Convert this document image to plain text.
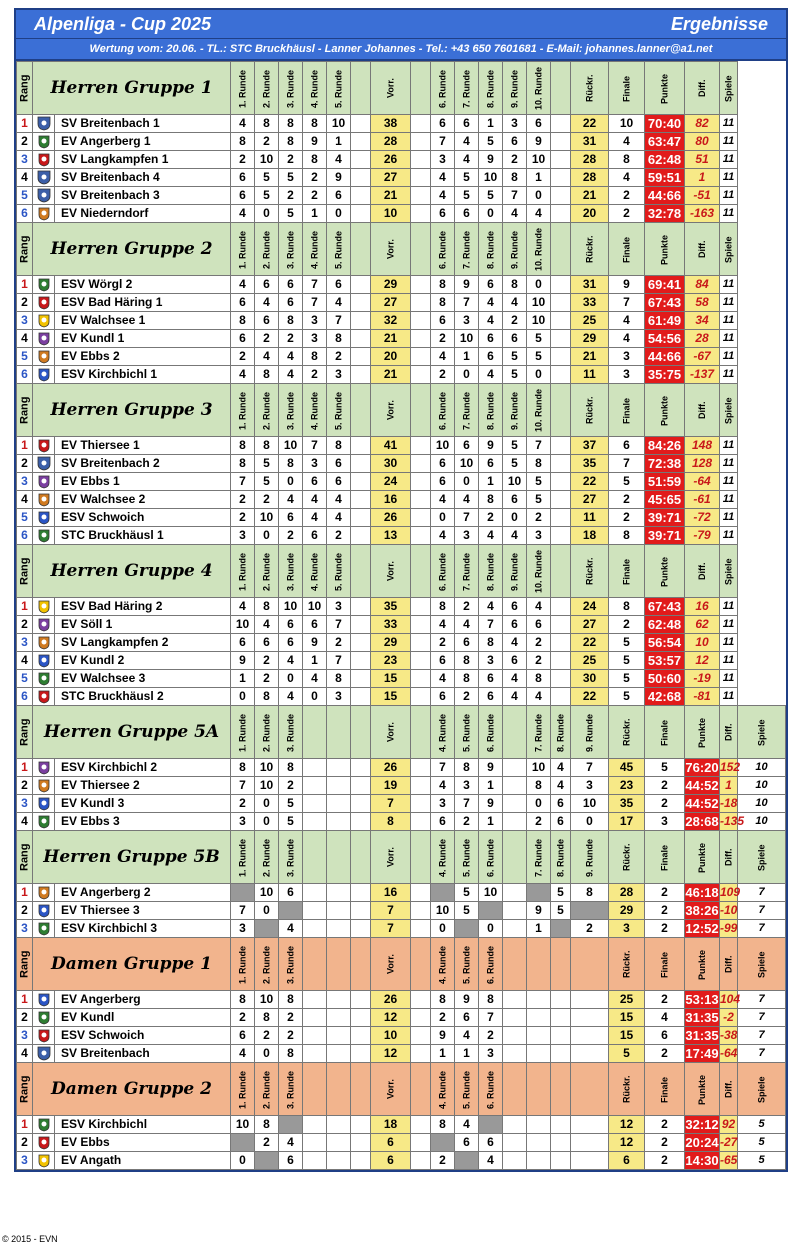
Alpenliga - Cup 2025	Ergebnisse
Wertung vom: 20.06. - TL.: STC Bruckhäusl - Lanner Johannes - Tel.: +43 650 7601681 - E-Mail: johannes.lanner@a1.net
Rang	Herren Gruppe 1		1. Runde	2. Runde	3. Runde	4. Runde	5. Runde		Vorr.		6. Runde	7. Runde	8. Runde	9. Runde	10. Runde		Rückr.	Finale	Punkte	Diff.	Spiele	
1		SV Breitenbach 1	4	8	8	8	10		38		6	6	1	3	6		22	10	70:40	82	11	
2		EV Angerberg 1	8	2	8	9	1		28		7	4	5	6	9		31	4	63:47	80	11	
3		SV Langkampfen 1	2	10	2	8	4		26		3	4	9	2	10		28	8	62:48	51	11	
4		SV Breitenbach 4	6	5	5	2	9		27		4	5	10	8	1		28	4	59:51	1	11	
5		SV Breitenbach 3	6	5	2	2	6		21		4	5	5	7	0		21	2	44:66	-51	11	
6		EV Niederndorf	4	0	5	1	0		10		6	6	0	4	4		20	2	32:78	-163	11	
Rang	Herren Gruppe 2		1. Runde	2. Runde	3. Runde	4. Runde	5. Runde		Vorr.		6. Runde	7. Runde	8. Runde	9. Runde	10. Runde		Rückr.	Finale	Punkte	Diff.	Spiele	
1		ESV Wörgl 2	4	6	6	7	6		29		8	9	6	8	0		31	9	69:41	84	11	
2		ESV Bad Häring 1	6	4	6	7	4		27		8	7	4	4	10		33	7	67:43	58	11	
3		EV Walchsee 1	8	6	8	3	7		32		6	3	4	2	10		25	4	61:49	34	11	
4		EV Kundl 1	6	2	2	3	8		21		2	10	6	6	5		29	4	54:56	28	11	
5		EV Ebbs 2	2	4	4	8	2		20		4	1	6	5	5		21	3	44:66	-67	11	
6		ESV Kirchbichl 1	4	8	4	2	3		21		2	0	4	5	0		11	3	35:75	-137	11	
Rang	Herren Gruppe 3		1. Runde	2. Runde	3. Runde	4. Runde	5. Runde		Vorr.		6. Runde	7. Runde	8. Runde	9. Runde	10. Runde		Rückr.	Finale	Punkte	Diff.	Spiele	
1		EV Thiersee 1	8	8	10	7	8		41		10	6	9	5	7		37	6	84:26	148	11	
2		SV Breitenbach 2	8	5	8	3	6		30		6	10	6	5	8		35	7	72:38	128	11	
3		EV Ebbs 1	7	5	0	6	6		24		6	0	1	10	5		22	5	51:59	-64	11	
4		EV Walchsee 2	2	2	4	4	4		16		4	4	8	6	5		27	2	45:65	-61	11	
5		ESV Schwoich	2	10	6	4	4		26		0	7	2	0	2		11	2	39:71	-72	11	
6		STC Bruckhäusl 1	3	0	2	6	2		13		4	3	4	4	3		18	8	39:71	-79	11	
Rang	Herren Gruppe 4		1. Runde	2. Runde	3. Runde	4. Runde	5. Runde		Vorr.		6. Runde	7. Runde	8. Runde	9. Runde	10. Runde		Rückr.	Finale	Punkte	Diff.	Spiele	
1		ESV Bad Häring 2	4	8	10	10	3		35		8	2	4	6	4		24	8	67:43	16	11	
2		EV Söll 1	10	4	6	6	7		33		4	4	7	6	6		27	2	62:48	62	11	
3		SV Langkampfen 2	6	6	6	9	2		29		2	6	8	4	2		22	5	56:54	10	11	
4		EV Kundl 2	9	2	4	1	7		23		6	8	3	6	2		25	5	53:57	12	11	
5		EV Walchsee 3	1	2	0	4	8		15		4	8	6	4	8		30	5	50:60	-19	11	
6		STC Bruckhäusl 2	0	8	4	0	3		15		6	2	6	4	4		22	5	42:68	-81	11	
Rang	Herren Gruppe 5A		1. Runde	2. Runde	3. Runde				Vorr.		4. Runde	5. Runde	6. Runde		7. Runde	8. Runde	9. Runde	Rückr.	Finale	Punkte	Diff.	Spiele
1		ESV Kirchbichl 2	8	10	8				26		7	8	9		10	4	7	45	5	76:20	152	10
2		EV Thiersee 2	7	10	2				19		4	3	1		8	4	3	23	2	44:52	1	10
3		EV Kundl 3	2	0	5				7		3	7	9		0	6	10	35	2	44:52	-18	10
4		EV Ebbs 3	3	0	5				8		6	2	1		2	6	0	17	3	28:68	-135	10
Rang	Herren Gruppe 5B		1. Runde	2. Runde	3. Runde				Vorr.		4. Runde	5. Runde	6. Runde		7. Runde	8. Runde	9. Runde	Rückr.	Finale	Punkte	Diff.	Spiele
1		EV Angerberg 2		10	6				16			5	10			5	8	28	2	46:18	109	7
2		EV Thiersee 3	7	0					7		10	5			9	5		29	2	38:26	-10	7
3		ESV Kirchbichl 3	3		4				7		0		0		1		2	3	2	12:52	-99	7
Rang	Damen Gruppe 1		1. Runde	2. Runde	3. Runde				Vorr.		4. Runde	5. Runde	6. Runde					Rückr.	Finale	Punkte	Diff.	Spiele
1		EV Angerberg	8	10	8				26		8	9	8					25	2	53:13	104	7
2		EV Kundl	2	8	2				12		2	6	7					15	4	31:35	-2	7
3		ESV Schwoich	6	2	2				10		9	4	2					15	6	31:35	-38	7
4		SV Breitenbach	4	0	8				12		1	1	3					5	2	17:49	-64	7
Rang	Damen Gruppe 2		1. Runde	2. Runde	3. Runde				Vorr.		4. Runde	5. Runde	6. Runde					Rückr.	Finale	Punkte	Diff.	Spiele
1		ESV Kirchbichl	10	8					18		8	4						12	2	32:12	92	5
2		EV Ebbs		2	4				6			6	6					12	2	20:24	-27	5
3		EV Angath	0		6				6		2		4					6	2	14:30	-65	5
© 2015 - EVN
